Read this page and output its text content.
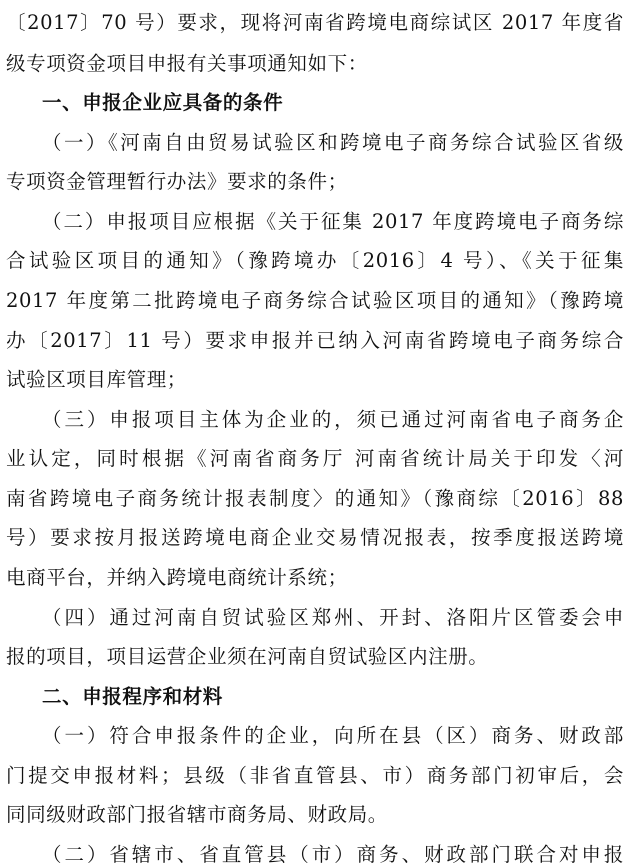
〔2017〕70 号）要求，现将河南省跨境电商综试区 2017 年度省
级专项资金项目申报有关事项通知如下：
一、申报企业应具备的条件
（一）《河南自由贸易试验区和跨境电子商务综合试验区省级
专项资金管理暂行办法》要求的条件；
（二）申报项目应根据《关于征集 2017 年度跨境电子商务综
合试验区项目的通知》（豫跨境办〔2016〕4 号）、《关于征集
2017 年度第二批跨境电子商务综合试验区项目的通知》（豫跨境
办〔2017〕11 号）要求申报并已纳入河南省跨境电子商务综合
试验区项目库管理；
（三）申报项目主体为企业的，须已通过河南省电子商务企
业认定，同时根据《河南省商务厅 河南省统计局关于印发〈河
南省跨境电子商务统计报表制度〉的通知》（豫商综〔2016〕88
号）要求按月报送跨境电商企业交易情况报表，按季度报送跨境
电商平台，并纳入跨境电商统计系统；
（四）通过河南自贸试验区郑州、开封、洛阳片区管委会申
报的项目，项目运营企业须在河南自贸试验区内注册。
二、申报程序和材料
（一）符合申报条件的企业，向所在县（区）商务、财政部
门提交申报材料；县级（非省直管县、市）商务部门初审后，会
同同级财政部门报省辖市商务局、财政局。
（二）省辖市、省直管县（市）商务、财政部门联合对申报
